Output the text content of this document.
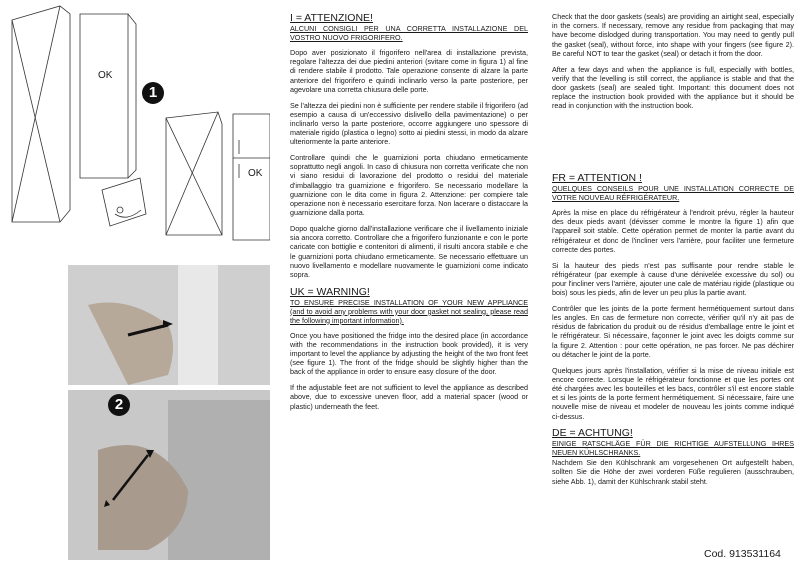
OK
OK
1
2
I = ATTENZIONE!
ALCUNI CONSIGLI PER UNA CORRETTA INSTALLAZIONE DEL VOSTRO NUOVO FRIGORIFERO.

Dopo aver posizionato il frigorifero nell'area di installazione prevista, regolare l'altezza dei due piedini anteriori (svitare come in figura 1) al fine di rendere stabile il prodotto. Tale operazione consente di alzare la parte anteriore del frigorifero e quindi inclinarlo verso la parte posteriore, per agevolare una corretta chiusura delle porte.

Se l'altezza dei piedini non è sufficiente per rendere stabile il frigorifero (ad esempio a causa di un'eccessivo dislivello della pavimentazione) o per inclinarlo verso la parte posteriore, occorre aggiungere uno spessore di materiale rigido (plastica o legno) sotto ai piedini stessi, in modo da alzare ulteriormente la parte anteriore.

Controllare quindi che le guarnizioni porta chiudano ermeticamente soprattutto negli angoli. In caso di chiusura non corretta verificate che non vi siano residui di lavorazione del prodotto o residui del materiale d'imballaggio tra guarnizione e frigorifero. Se necessario modellare la guarnizione con le dita come in figura 2. Attenzione: per compiere tale operazione non è necessario esercitare forza. Non lacerare o distaccare la guarnizione dalla porta.

Dopo qualche giorno dall'installazione verificare che il livellamento iniziale sia ancora corretto. Controllare che a frigorifero funzionante e con le porte caricate con bottiglie e contenitori di alimenti, il risulti ancora stabile e che le guarnizioni porta chiudano ermeticamente. Se necessario effettuare un nuovo livellamento e modellare nuovamente le guarnizioni come indicato sopra.

UK = WARNING!
TO ENSURE PRECISE INSTALLATION OF YOUR NEW APPLIANCE (and to avoid any problems with your door gasket not sealing, please read the following important information).

Once you have positioned the fridge into the desired place (in accordance with the recommendations in the instruction book provided), it is very important to level the appliance by adjusting the height of the two front feet (see figure 1). The front of the fridge should be slightly higher than the back of the appliance in order to ensure easy closure of the door.

If the adjustable feet are not sufficient to level the appliance as described above, due to excessive uneven floor, add a material spacer (wood or plastic) underneath the feet.

Check that the door gaskets (seals) are providing an airtight seal, especially in the corners. If necessary, remove any residue from packaging that may have become dislodged during transportation. You may need to gently pull the gasket (seal), without force, into shape with your fingers (see figure 2). Be careful NOT to tear the gasket (seal) or detach it from the door.

After a few days and when the appliance is full, especially with bottles, verify that the levelling is still correct, the appliance is stable and that the door gaskets (seal) are sealed tight. Important: this document does not replace the instruction book provided with the appliance but it should be read in conjunction with the instruction book.

FR = ATTENTION !
QUELQUES CONSEILS POUR UNE INSTALLATION CORRECTE DE VOTRE NOUVEAU RÉFRIGÉRATEUR.

Après la mise en place du réfrigérateur à l'endroit prévu, régler la hauteur des deux pieds avant (dévisser comme le montre la figure 1) afin que l'appareil soit stable. Cette opération permet de monter la partie avant du réfrigérateur et donc de l'incliner vers l'arrière, pour faciliter une fermeture correcte des portes.

Si la hauteur des pieds n'est pas suffisante pour rendre stable le réfrigérateur (par exemple à cause d'une dénivelée excessive du sol) ou pour l'incliner vers l'arrière, ajouter une cale de matériau rigide (plastique ou bois) sous les pieds, afin de lever un peu plus la partie avant.

Contrôler que les joints de la porte ferment hermétiquement surtout dans les angles. En cas de fermeture non correcte, vérifier qu'il n'y ait pas de résidus de fabrication du produit ou de résidus d'emballage entre le joint et le réfrigérateur. Si nécessaire, façonner le joint avec les doigts comme sur la figure 2. Attention : pour cette opération, ne pas forcer. Ne pas déchirer ou détacher le joint de la porte.

Quelques jours après l'installation, vérifier si la mise de niveau initiale est encore correcte. Lorsque le réfrigérateur fonctionne et que les portes ont été chargées avec les bouteilles et les bacs, contrôler s'il est encore stable et si les joints de la porte ferment hermétiquement. Si nécessaire, faire une nouvelle mise de niveau et modeler de nouveau les joints comme indiqué ci-dessus.

DE = ACHTUNG!
EINIGE RATSCHLÄGE FÜR DIE RICHTIGE AUFSTELLUNG IHRES NEUEN KÜHLSCHRANKS.

Nachdem Sie den Kühlschrank am vorgesehenen Ort aufgestellt haben, sollten Sie die Höhe der zwei vorderen Füße regulieren (ausschrauben, siehe Abb. 1), damit der Kühlschrank stabil steht.

Cod. 913531164
